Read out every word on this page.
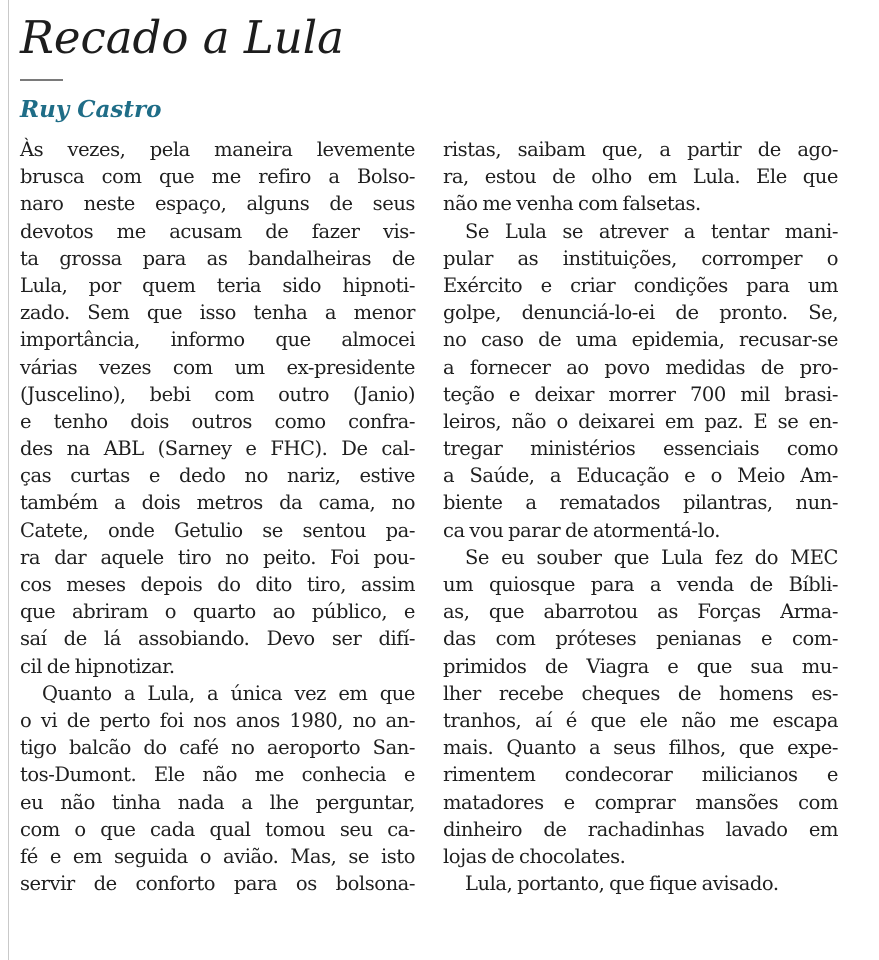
Recado a Lula
Ruy Castro
Às vezes, pela maneira levemente
brusca com que me refiro a Bolso-
naro neste espaço, alguns de seus
devotos me acusam de fazer vis-
ta grossa para as bandalheiras de
Lula, por quem teria sido hipnoti-
zado. Sem que isso tenha a menor
importância, informo que almocei
várias vezes com um ex-presidente
(Juscelino), bebi com outro (Janio)
e tenho dois outros como confra-
des na ABL (Sarney e FHC). De cal-
ças curtas e dedo no nariz, estive
também a dois metros da cama, no
Catete, onde Getulio se sentou pa-
ra dar aquele tiro no peito. Foi pou-
cos meses depois do dito tiro, assim
que abriram o quarto ao público, e
saí de lá assobiando. Devo ser difí-
cil de hipnotizar.
Quanto a Lula, a única vez em que
o vi de perto foi nos anos 1980, no an-
tigo balcão do café no aeroporto San-
tos-Dumont. Ele não me conhecia e
eu não tinha nada a lhe perguntar,
com o que cada qual tomou seu ca-
fé e em seguida o avião. Mas, se isto
servir de conforto para os bolsona-
ristas, saibam que, a partir de ago-
ra, estou de olho em Lula. Ele que
não me venha com falsetas.
Se Lula se atrever a tentar mani-
pular as instituições, corromper o
Exército e criar condições para um
golpe, denunciá-lo-ei de pronto. Se,
no caso de uma epidemia, recusar-se
a fornecer ao povo medidas de pro-
teção e deixar morrer 700 mil brasi-
leiros, não o deixarei em paz. E se en-
tregar ministérios essenciais como
a Saúde, a Educação e o Meio Am-
biente a rematados pilantras, nun-
ca vou parar de atormentá-lo.
Se eu souber que Lula fez do MEC
um quiosque para a venda de Bíbli-
as, que abarrotou as Forças Arma-
das com próteses penianas e com-
primidos de Viagra e que sua mu-
lher recebe cheques de homens es-
tranhos, aí é que ele não me escapa
mais. Quanto a seus filhos, que expe-
rimentem condecorar milicianos e
matadores e comprar mansões com
dinheiro de rachadinhas lavado em
lojas de chocolates.
Lula, portanto, que fique avisado.
